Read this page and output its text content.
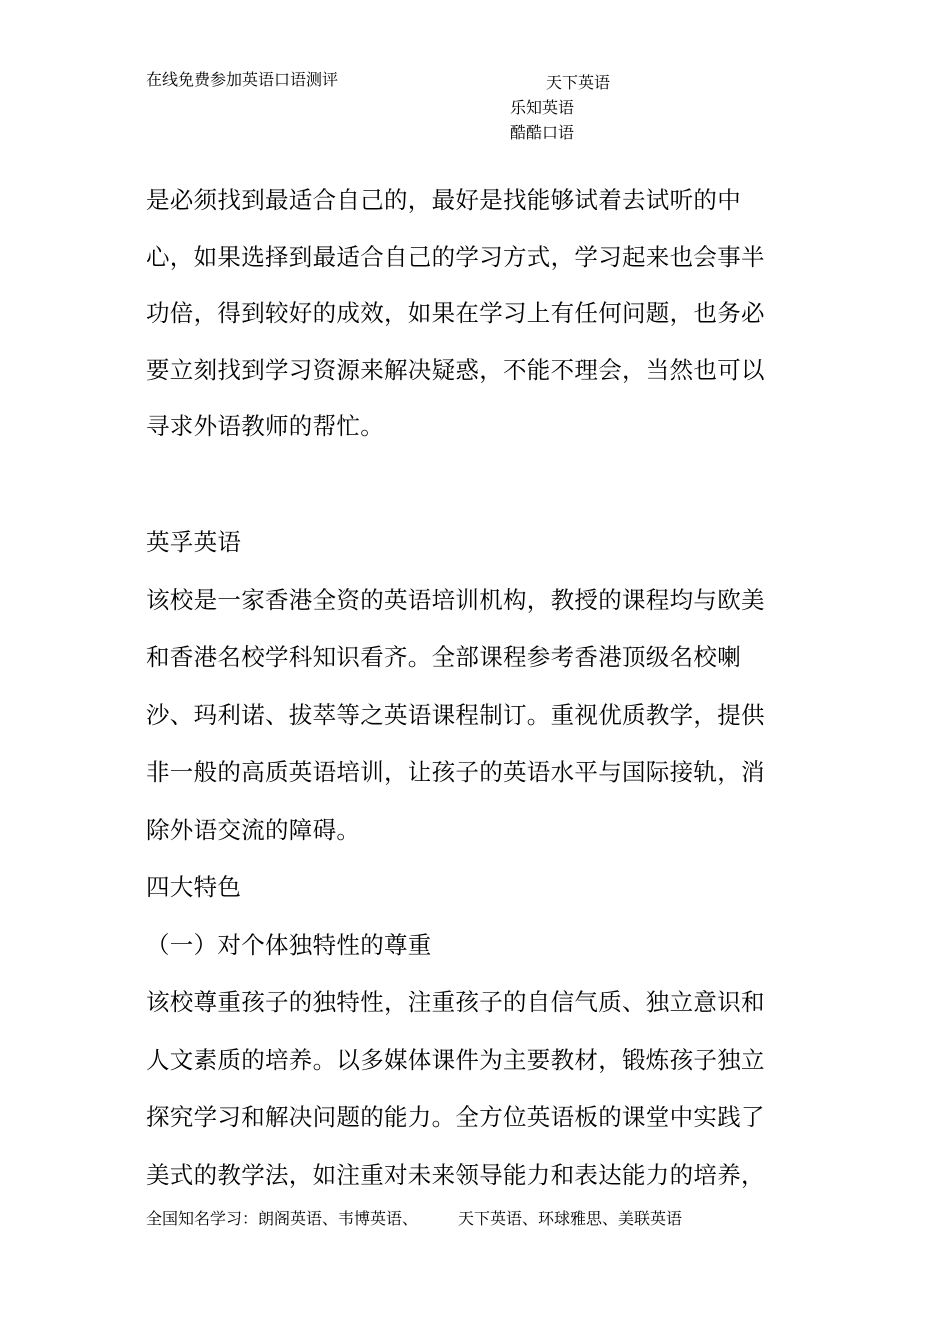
在线免费参加英语口语测评	天下英语
乐知英语
酷酷口语
是必须找到最适合自己的，最好是找能够试着去试听的中
心，如果选择到最适合自己的学习方式，学习起来也会事半
功倍，得到较好的成效，如果在学习上有任何问题，也务必
要立刻找到学习资源来解决疑惑，不能不理会，当然也可以
寻求外语教师的帮忙。
英孚英语
该校是一家香港全资的英语培训机构，教授的课程均与欧美
和香港名校学科知识看齐。全部课程参考香港顶级名校喇
沙、玛利诺、拔萃等之英语课程制订。重视优质教学，提供
非一般的高质英语培训，让孩子的英语水平与国际接轨，消
除外语交流的障碍。
四大特色
（一）对个体独特性的尊重
该校尊重孩子的独特性，注重孩子的自信气质、独立意识和
人文素质的培养。以多媒体课件为主要教材，锻炼孩子独立
探究学习和解决问题的能力。全方位英语板的课堂中实践了
美式的教学法，如注重对未来领导能力和表达能力的培养，
全国知名学习：朗阁英语、韦博英语、	天下英语、环球雅思、美联英语
